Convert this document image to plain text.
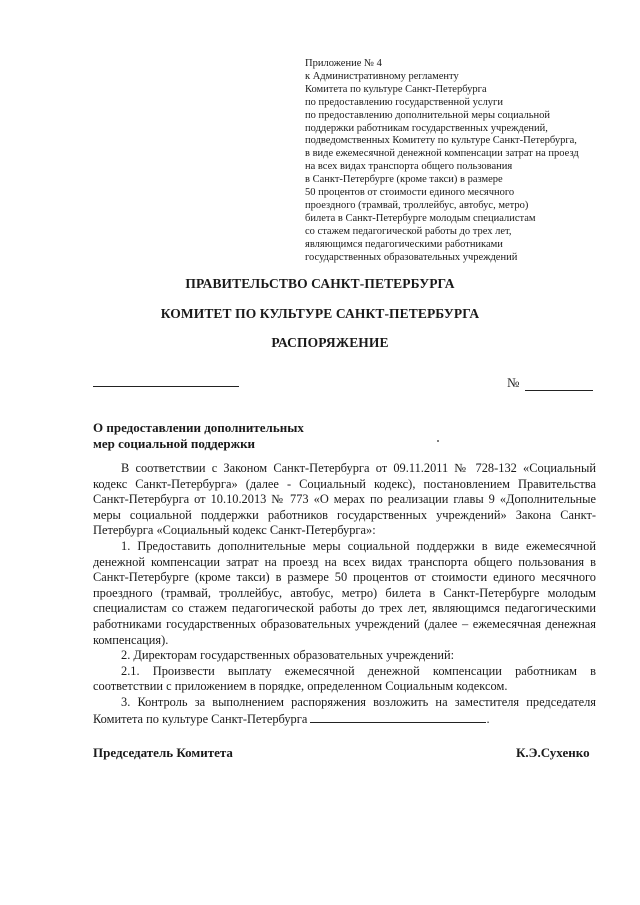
Приложение № 4
к Административному регламенту
Комитета по культуре Санкт-Петербурга
по предоставлению государственной услуги
по предоставлению дополнительной меры социальной
поддержки работникам государственных учреждений,
подведомственных Комитету по культуре Санкт-Петербурга,
в виде ежемесячной денежной компенсации затрат на проезд
на всех видах транспорта общего пользования
в Санкт-Петербурге (кроме такси) в размере
50 процентов от стоимости единого месячного
проездного (трамвай, троллейбус, автобус, метро)
билета в Санкт-Петербурге молодым специалистам
со стажем педагогической работы до трех лет,
являющимся педагогическими работниками
государственных образовательных учреждений
ПРАВИТЕЛЬСТВО САНКТ-ПЕТЕРБУРГА
КОМИТЕТ ПО КУЛЬТУРЕ САНКТ-ПЕТЕРБУРГА
РАСПОРЯЖЕНИЕ
№
О предоставлении дополнительных
мер социальной поддержки

В соответствии с Законом Санкт-Петербурга от 09.11.2011 № 728-132 «Социальный кодекс Санкт-Петербурга» (далее - Социальный кодекс), постановлением Правительства Санкт-Петербурга от 10.10.2013 № 773 «О мерах по реализации главы 9 «Дополнительные меры социальной поддержки работников государственных учреждений» Закона Санкт-Петербурга «Социальный кодекс Санкт-Петербурга»:

1. Предоставить дополнительные меры социальной поддержки в виде ежемесячной денежной компенсации затрат на проезд на всех видах транспорта общего пользования в Санкт-Петербурге (кроме такси) в размере 50 процентов от стоимости единого месячного проездного (трамвай, троллейбус, автобус, метро) билета в Санкт-Петербурге молодым специалистам со стажем педагогической работы до трех лет, являющимся педагогическими работниками государственных образовательных учреждений (далее – ежемесячная денежная компенсация).

2. Директорам государственных образовательных учреждений:

2.1. Произвести выплату ежемесячной денежной компенсации работникам в соответствии с приложением в порядке, определенном Социальным кодексом.

3. Контроль за выполнением распоряжения возложить на заместителя председателя Комитета по культуре Санкт-Петербурга	.

Председатель Комитета	К.Э.Сухенко
